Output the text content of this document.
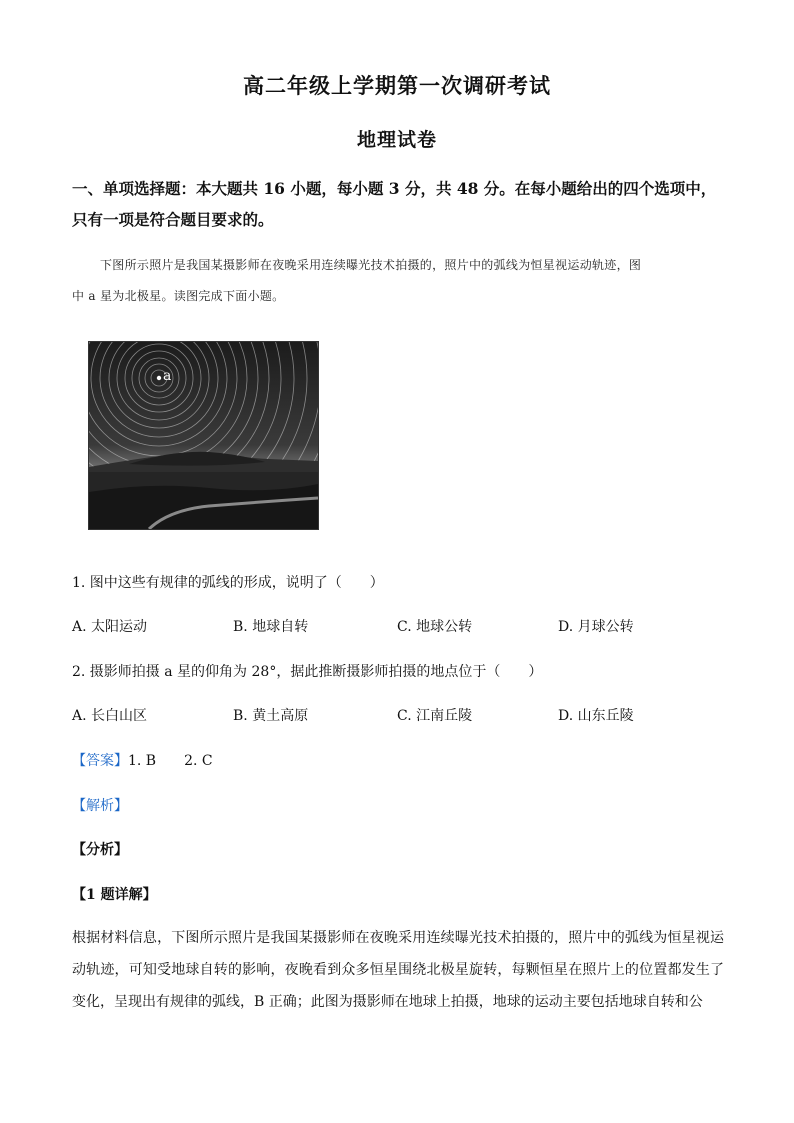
高二年级上学期第一次调研考试
地理试卷
一、单项选择题：本大题共 16 小题，每小题 3 分，共 48 分。在每小题给出的四个选项中，
只有一项是符合题目要求的。
下图所示照片是我国某摄影师在夜晚采用连续曝光技术拍摄的，照片中的弧线为恒星视运动轨迹，图
中 a 星为北极星。读图完成下面小题。
a
1. 图中这些有规律的弧线的形成，说明了（　　）
A. 太阳运动	B. 地球自转	C. 地球公转	D. 月球公转
2. 摄影师拍摄 a 星的仰角为 28°，据此推断摄影师拍摄的地点位于（　　）
A. 长白山区	B. 黄土高原	C. 江南丘陵	D. 山东丘陵
【答案】1. B　　2. C
【解析】
【分析】
【1 题详解】
根据材料信息，下图所示照片是我国某摄影师在夜晚采用连续曝光技术拍摄的，照片中的弧线为恒星视运动轨迹，可知受地球自转的影响，夜晚看到众多恒星围绕北极星旋转，每颗恒星在照片上的位置都发生了变化，呈现出有规律的弧线，B 正确；此图为摄影师在地球上拍摄，地球的运动主要包括地球自转和公
